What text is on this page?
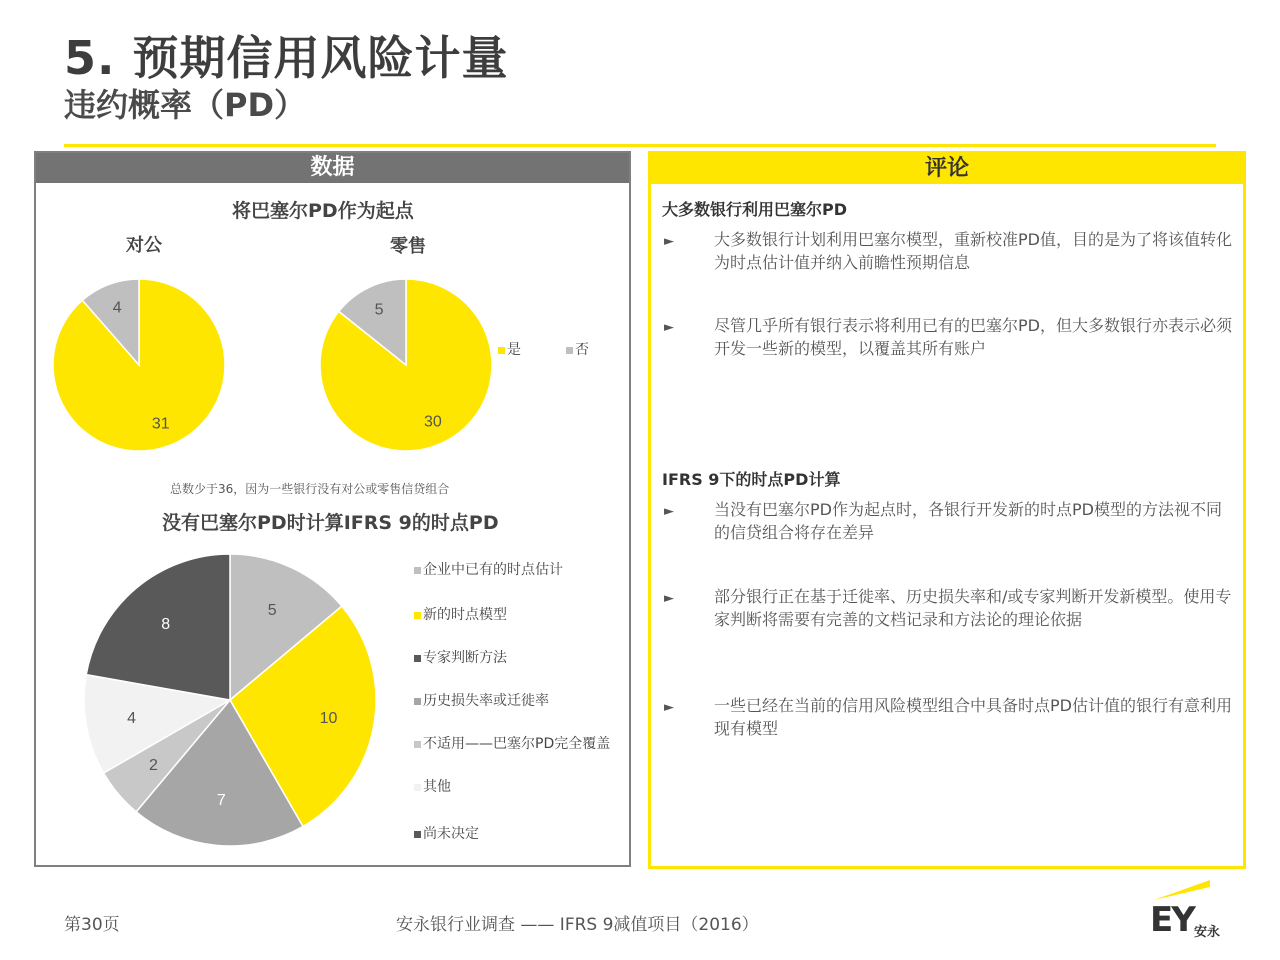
5. 预期信用风险计量
违约概率（PD）
数据
将巴塞尔PD作为起点
对公	零售
31
4
30
5
是	否
总数少于36，因为一些银行没有对公或零售信贷组合
没有巴塞尔PD时计算IFRS 9的时点PD
5
10
7
2
4
8
企业中已有的时点估计
新的时点模型
专家判断方法
历史损失率或迁徙率
不适用——巴塞尔PD完全覆盖
其他
尚未决定
评论
大多数银行利用巴塞尔PD
►	大多数银行计划利用巴塞尔模型，重新校准PD值，目的是为了将该值转化为时点估计值并纳入前瞻性预期信息
►	尽管几乎所有银行表示将利用已有的巴塞尔PD，但大多数银行亦表示必须开发一些新的模型，以覆盖其所有账户
IFRS 9下的时点PD计算
►	当没有巴塞尔PD作为起点时，各银行开发新的时点PD模型的方法视不同的信贷组合将存在差异
►	部分银行正在基于迁徙率、历史损失率和/或专家判断开发新模型。使用专家判断将需要有完善的文档记录和方法论的理论依据
►	一些已经在当前的信用风险模型组合中具备时点PD估计值的银行有意利用现有模型
第30页	安永银行业调查 —— IFRS 9减值项目（2016）	EY 安永
